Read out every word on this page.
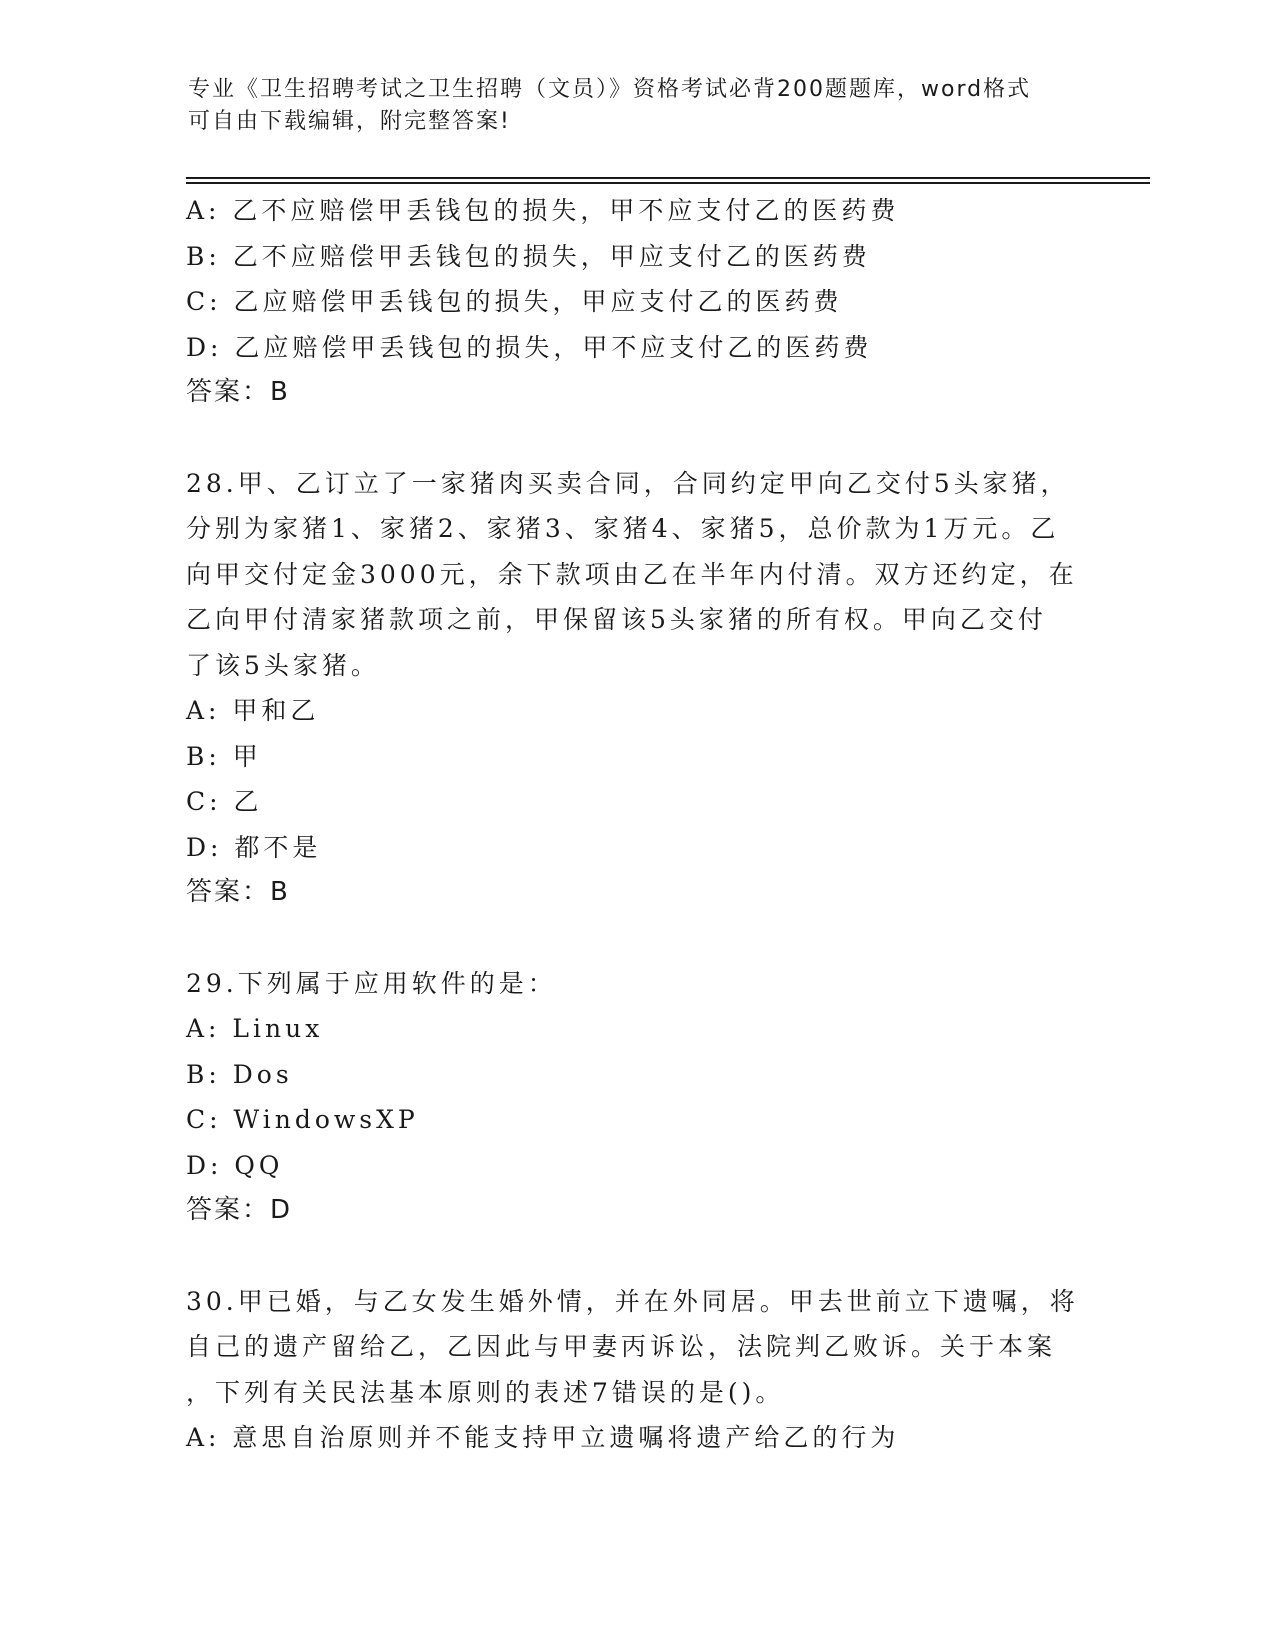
专业《卫生招聘考试之卫生招聘（文员）》资格考试必背200题题库，word格式
可自由下载编辑，附完整答案!
A: 乙不应赔偿甲丢钱包的损失，甲不应支付乙的医药费
B: 乙不应赔偿甲丢钱包的损失，甲应支付乙的医药费
C: 乙应赔偿甲丢钱包的损失，甲应支付乙的医药费
D: 乙应赔偿甲丢钱包的损失，甲不应支付乙的医药费
答案：B
28.甲、乙订立了一家猪肉买卖合同，合同约定甲向乙交付5头家猪，
分别为家猪1、家猪2、家猪3、家猪4、家猪5，总价款为1万元。乙
向甲交付定金3000元，余下款项由乙在半年内付清。双方还约定，在
乙向甲付清家猪款项之前，甲保留该5头家猪的所有权。甲向乙交付
了该5头家猪。
A: 甲和乙
B: 甲
C: 乙
D: 都不是
答案：B
29.下列属于应用软件的是：
A: Linux
B: Dos
C: WindowsXP
D: QQ
答案：D
30.甲已婚，与乙女发生婚外情，并在外同居。甲去世前立下遗嘱，将
自己的遗产留给乙，乙因此与甲妻丙诉讼，法院判乙败诉。关于本案
，下列有关民法基本原则的表述7错误的是()。
A: 意思自治原则并不能支持甲立遗嘱将遗产给乙的行为
